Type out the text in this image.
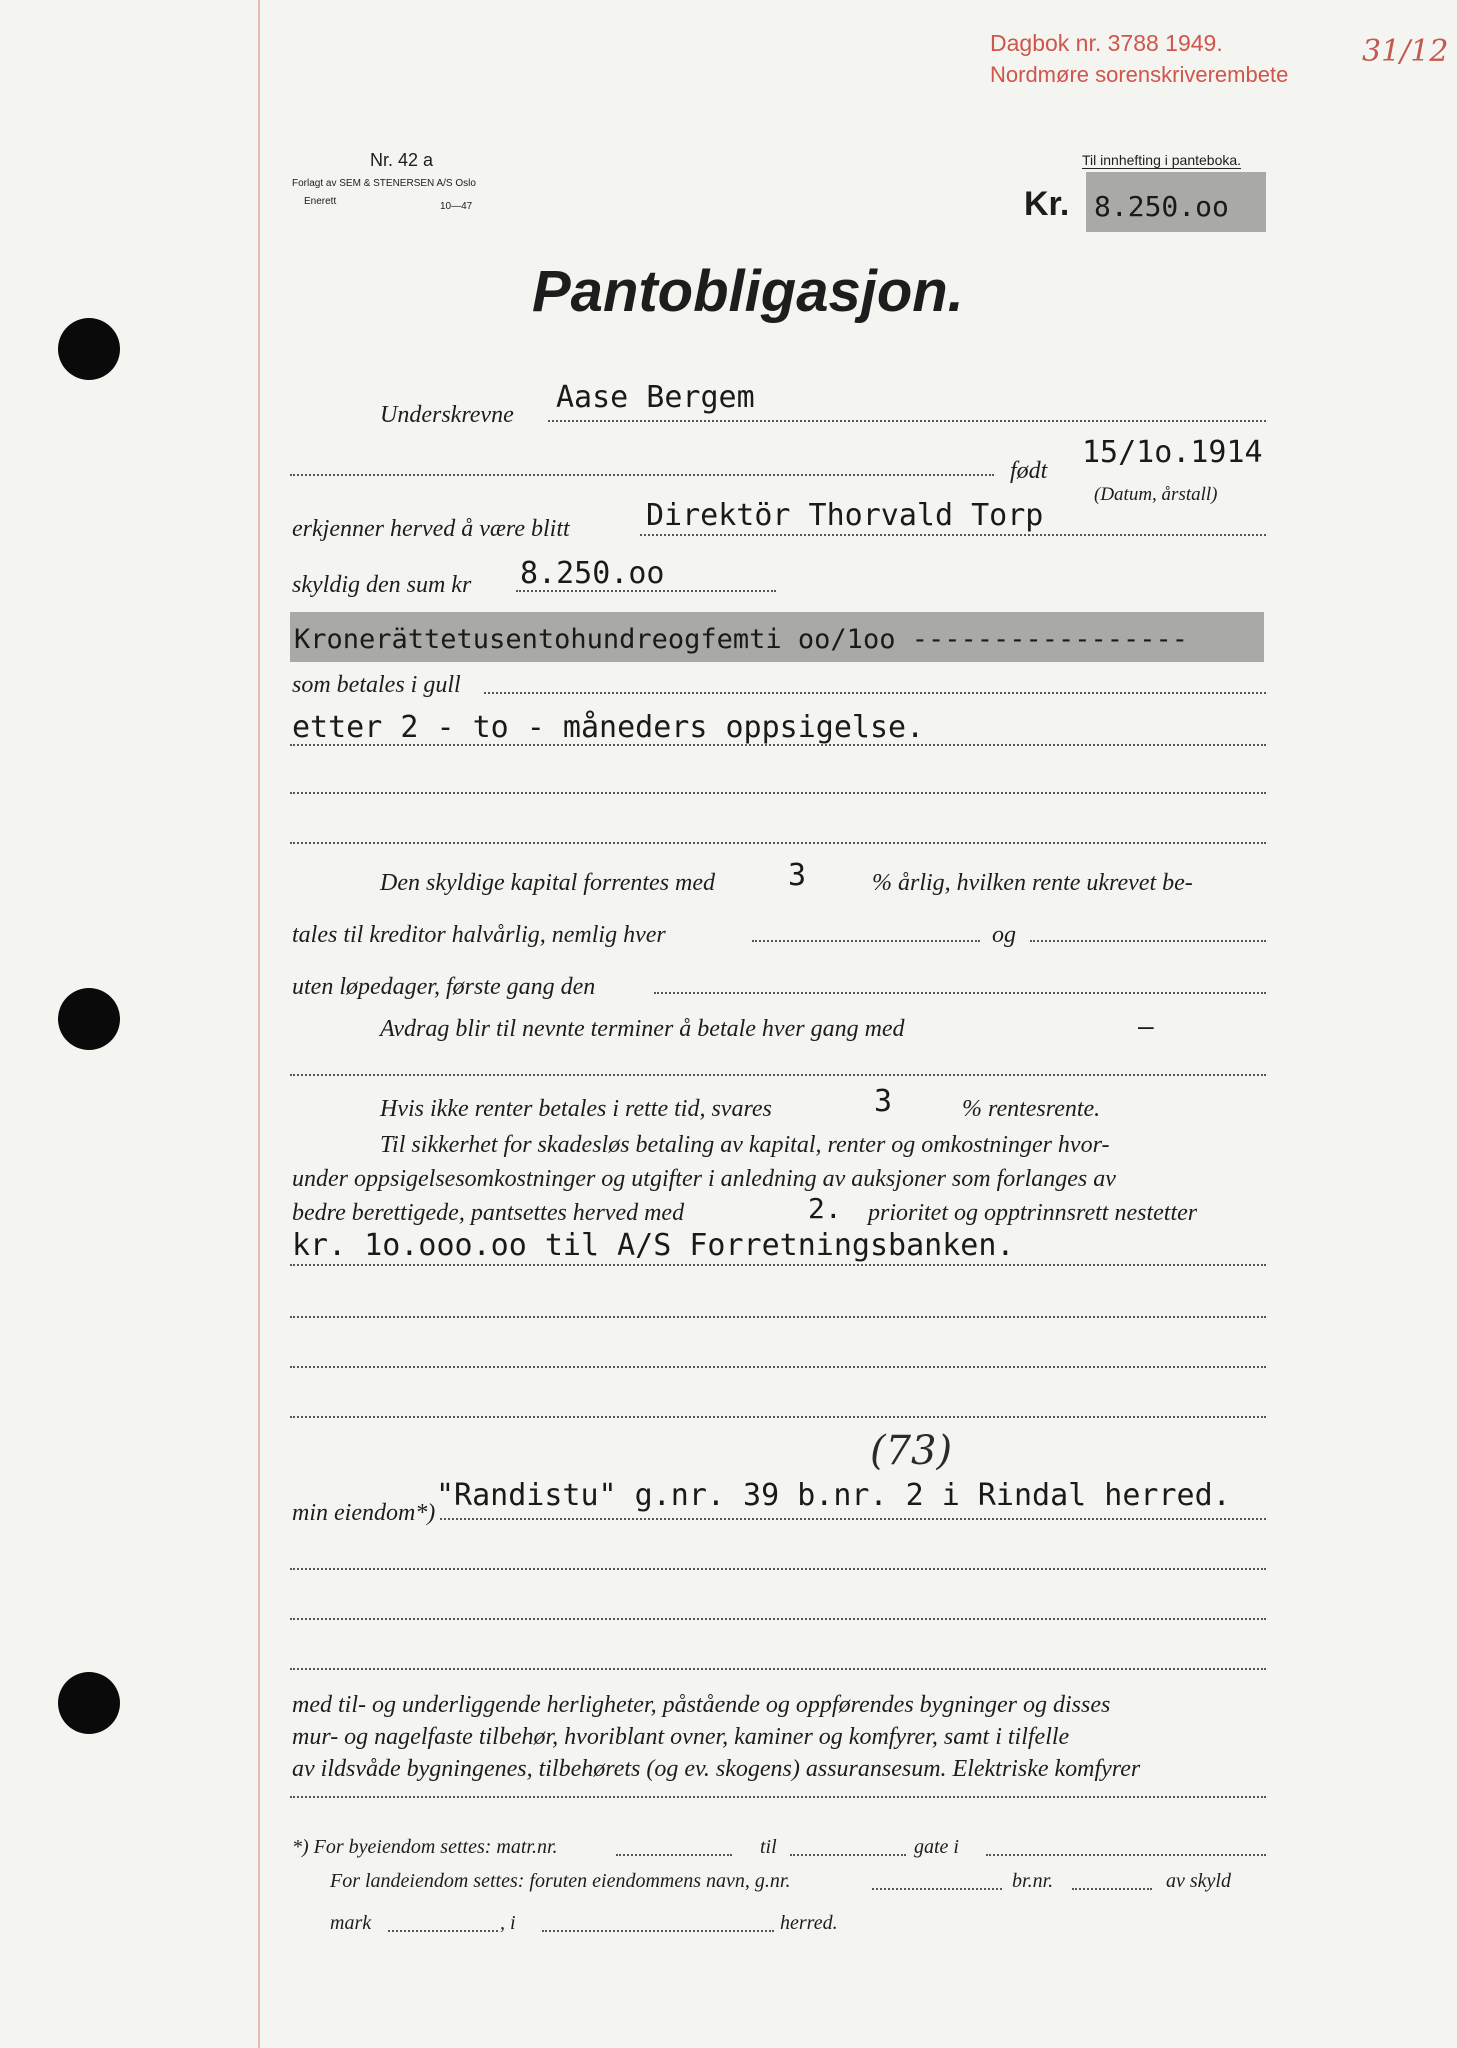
Dagbok nr. 3788 1949.
Nordmøre sorenskriverembete
31/12
Nr. 42 a
Forlagt av SEM & STENERSEN A/S Oslo
Enerett	10—47
Til innhefting i panteboka.
Kr. 8.250.oo
Pantobligasjon.
Underskrevne Aase Bergem
født
15/1o.1914
(Datum, årstall)
erkjenner herved å være blitt	Direktör Thorvald Torp
skyldig den sum kr 8.250.oo
Kronerättetusentohundreogfemti oo/1oo -----------------
som betales i gull
etter 2 - to - måneders oppsigelse.
Den skyldige kapital forrentes med 3	% årlig, hvilken rente ukrevet be-
tales til kreditor halvårlig, nemlig hver	og
uten løpedager, første gang den
Avdrag blir til nevnte terminer å betale hver gang med	—
Hvis ikke renter betales i rette tid, svares	3	% rentesrente.
Til sikkerhet for skadesløs betaling av kapital, renter og omkostninger hvor-
under oppsigelsesomkostninger og utgifter i anledning av auksjoner som forlanges av
bedre berettigede, pantsettes herved med	2. prioritet og opptrinnsrett nestetter
kr. 1o.ooo.oo til A/S Forretningsbanken.
(73)
min eiendom*) "Randistu" g.nr. 39 b.nr. 2 i Rindal herred.
med til- og underliggende herligheter, påstående og oppførendes bygninger og disses
mur- og nagelfaste tilbehør, hvoriblant ovner, kaminer og komfyrer, samt i tilfelle
av ildsvåde bygningenes, tilbehørets (og ev. skogens) assuransesum. Elektriske komfyrer
*) For byeiendom settes: matr.nr.	til	gate i
For landeiendom settes: foruten eiendommens navn, g.nr.	br.nr.	av skyld
mark	, i	herred.
